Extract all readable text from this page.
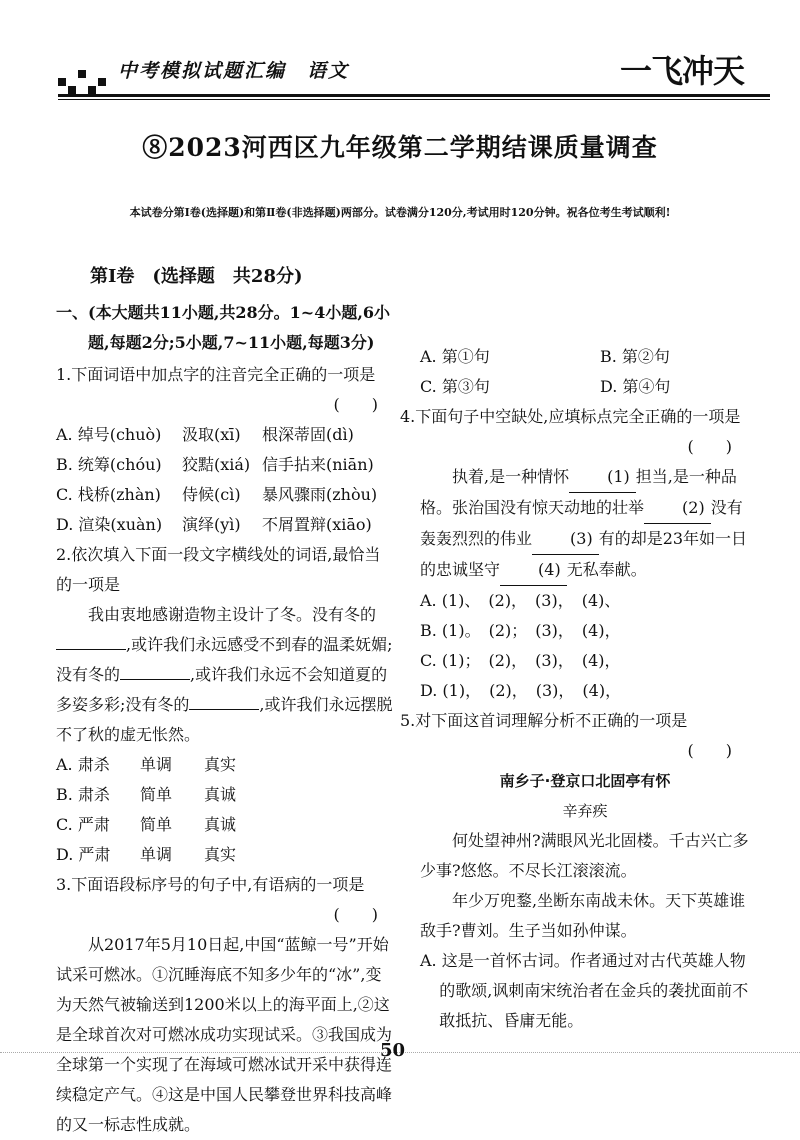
中考模拟试题汇编　语文	一飞冲天
⑧2023河西区九年级第二学期结课质量调查
本试卷分第Ⅰ卷(选择题)和第Ⅱ卷(非选择题)两部分。试卷满分120分,考试用时120分钟。祝各位考生考试顺利!

第Ⅰ卷　(选择题　共28分)

一、(本大题共11小题,共28分。1~4小题,6小题,每题2分;5小题,7~11小题,每题3分)

1.下面词语中加点字的注音完全正确的一项是

(　　)

A. 绰号(chuò)	汲取(xī)	根深蒂固(dì)
B. 统筹(chóu)	狡黠(xiá) 信手拈来(niān)
C. 栈桥(zhàn)	侍候(cì)	暴风骤雨(zhòu)
D. 渲染(xuàn)	演绎(yì)	不屑置辩(xiāo)

2.依次填入下面一段文字横线处的词语,最恰当的一项是

我由衷地感谢造物主设计了冬。没有冬的,或许我们永远感受不到春的温柔妩媚;没有冬的	,或许我们永远不会知道夏的多姿多彩;没有冬的	,或许我们永远摆脱不了秋的虚无怅然。

A. 肃杀	单调	真实
B. 肃杀	简单	真诚
C. 严肃	简单	真诚
D. 严肃	单调	真实

3.下面语段标序号的句子中,有语病的一项是

(　　)

从2017年5月10日起,中国“蓝鲸一号”开始试采可燃冰。①沉睡海底不知多少年的“冰”,变为天然气被输送到1200米以上的海平面上,②这是全球首次对可燃冰成功实现试采。③我国成为全球第一个实现了在海域可燃冰试开采中获得连续稳定产气。④这是中国人民攀登世界科技高峰的又一标志性成就。

A. 第①句	B. 第②句
C. 第③句	D. 第④句

4.下面句子中空缺处,应填标点完全正确的一项是

(　　)

执着,是一种情怀 (1) 担当,是一种品格。张治国没有惊天动地的壮举 (2) 没有轰轰烈烈的伟业 (3) 有的却是23年如一日的忠诚坚守 (4) 无私奉献。

A. (1)、　(2)，　(3)，　(4)、

B. (1)。　(2)；　(3)，　(4)，

C. (1)；　(2)，　(3)，　(4)，

D. (1)，　(2)，　(3)，　(4)，

5.对下面这首词理解分析不正确的一项是

(　　)

南乡子·登京口北固亭有怀

辛弃疾

何处望神州?满眼风光北固楼。千古兴亡多少事?悠悠。不尽长江滚滚流。

年少万兜鍪,坐断东南战未休。天下英雄谁敌手?曹刘。生子当如孙仲谋。

A. 这是一首怀古词。作者通过对古代英雄人物的歌颂,讽刺南宋统治者在金兵的袭扰面前不敢抵抗、昏庸无能。

50
